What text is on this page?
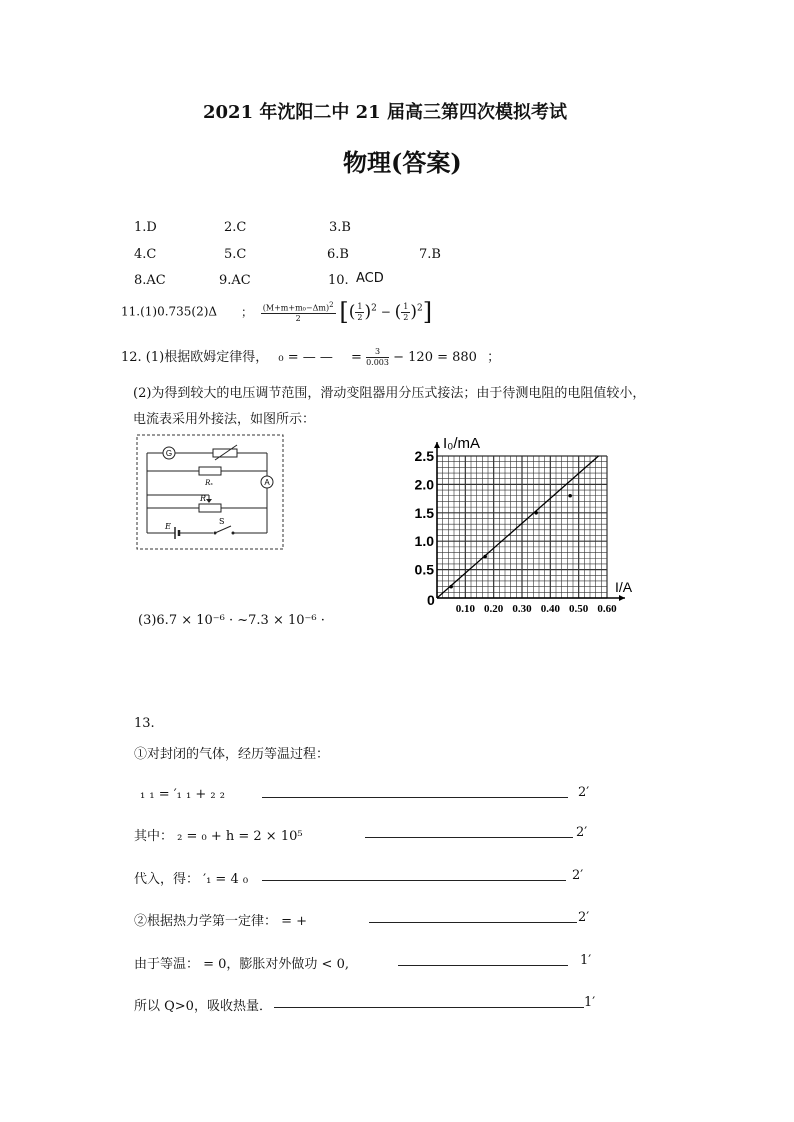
2021 年沈阳二中 21 届高三第四次模拟考试
物理(答案)
1.D	2.C	3.B
4.C	5.C	6.B	7.B
8.AC	9.AC	10. ACD
11.(1)0.735(2)Δ ； $\frac{(M+m+m_0-\Delta m)^2}{2}$ [( $\frac{1}{2} )^2$ − ( $\frac{1}{2} )^2$]
12. (1)根据欧姆定律得， ₀ = — — = $\frac{3}{0.003} - 120 = 880$ ；
(2)为得到较大的电压调节范围，滑动变阻器用分压式接法；由于待测电阻的电阻值较小，
电流表采用外接法，如图所示：
G
Rₓ	A
R
E
S
2.5
2.0
1.5
1.0
0.5
0.10 0.20 0.30 0.40 0.50 0.60
I₀/mA
I/A
0
(3)6.7 × 10⁻⁶ · ~7.3 × 10⁻⁶ ·
13.
①对封闭的气体，经历等温过程：
₁ ₁ = ′₁ ₁ + ₂ ₂	2′
其中： ₂ = ₀ + h = 2 × 10⁵	2′
代入，得： ′₁ = 4 ₀	2′
②根据热力学第一定律： = +	2′
由于等温： = 0，膨胀对外做功 < 0,	1′
所以 Q>0，吸收热量．	1′
